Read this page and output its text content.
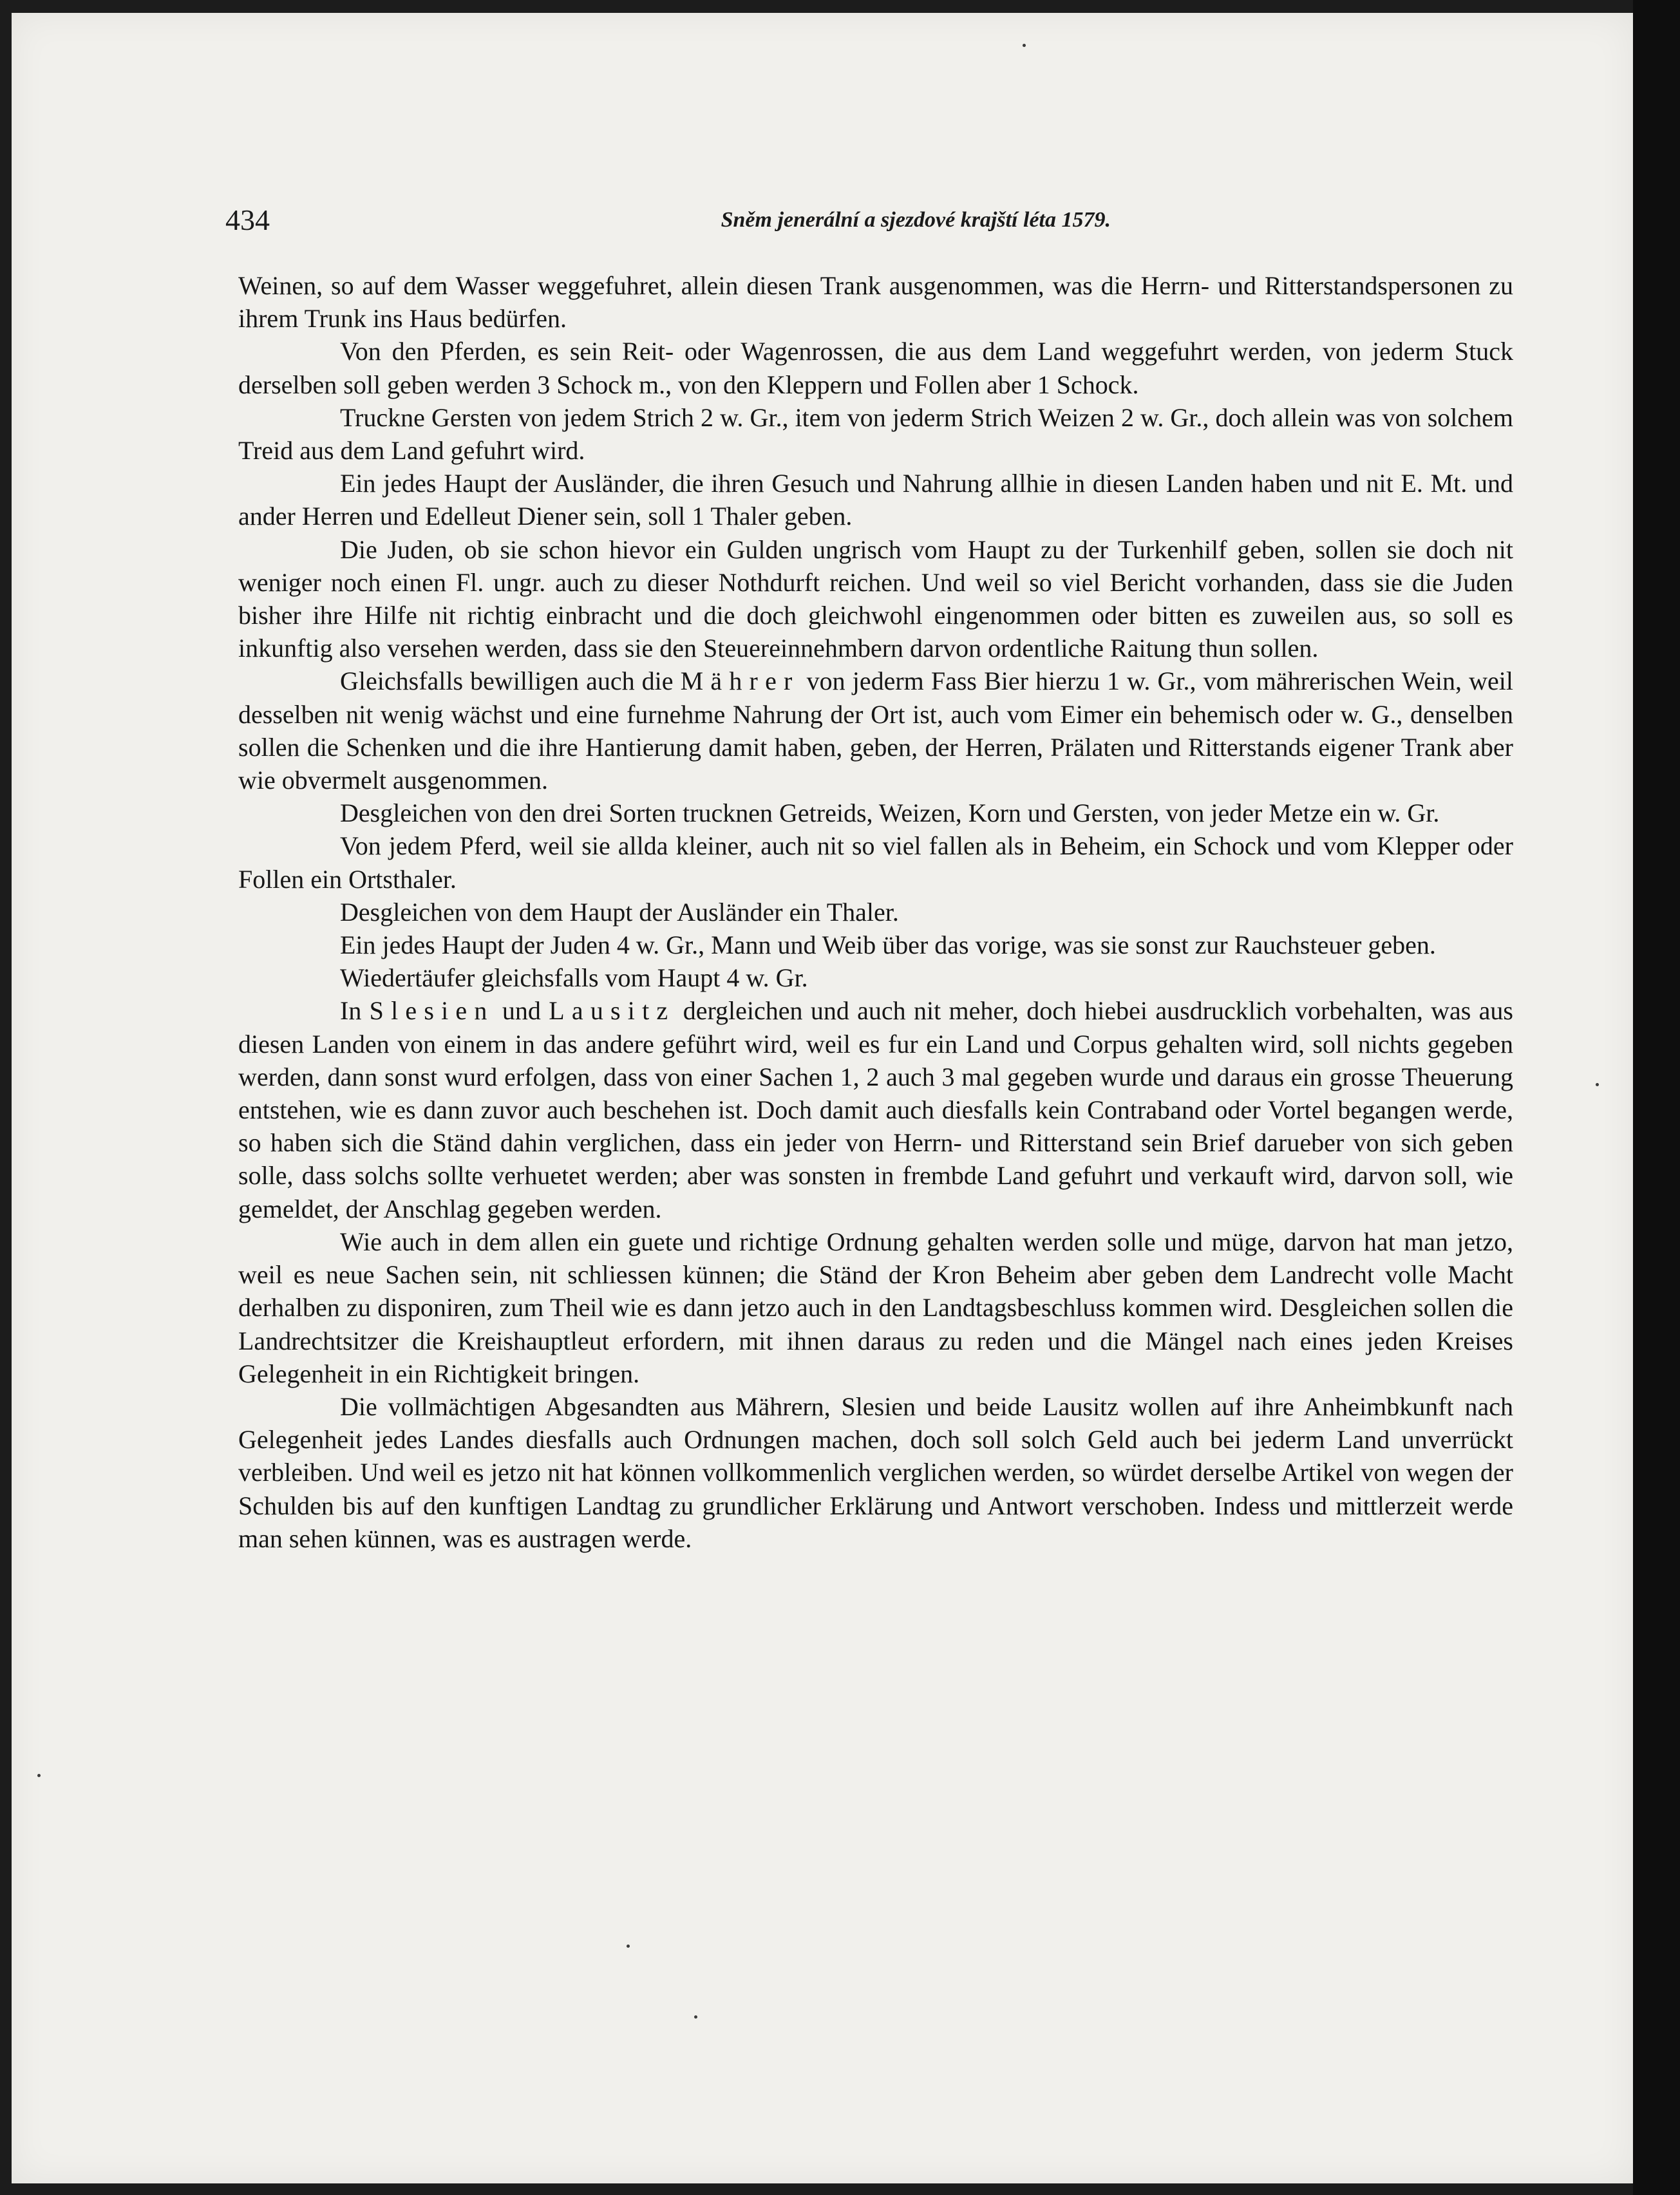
434	Sněm jenerální a sjezdové krajští léta 1579.

Weinen, so auf dem Wasser weggefuhret, allein diesen Trank ausgenommen, was die Herrn- und Ritterstandspersonen zu ihrem Trunk ins Haus bedürfen.

Von den Pferden, es sein Reit- oder Wagenrossen, die aus dem Land weggefuhrt werden, von jederm Stuck derselben soll geben werden 3 Schock m., von den Kleppern und Follen aber 1 Schock.

Truckne Gersten von jedem Strich 2 w. Gr., item von jederm Strich Weizen 2 w. Gr., doch allein was von solchem Treid aus dem Land gefuhrt wird.

Ein jedes Haupt der Ausländer, die ihren Gesuch und Nahrung allhie in diesen Landen haben und nit E. Mt. und ander Herren und Edelleut Diener sein, soll 1 Thaler geben.

Die Juden, ob sie schon hievor ein Gulden ungrisch vom Haupt zu der Turkenhilf geben, sollen sie doch nit weniger noch einen Fl. ungr. auch zu dieser Nothdurft reichen. Und weil so viel Bericht vorhanden, dass sie die Juden bisher ihre Hilfe nit richtig einbracht und die doch gleichwohl eingenommen oder bitten es zuweilen aus, so soll es inkunftig also versehen werden, dass sie den Steuereinnehmbern darvon ordentliche Raitung thun sollen.

Gleichsfalls bewilligen auch die Mährer von jederm Fass Bier hierzu 1 w. Gr., vom mährerischen Wein, weil desselben nit wenig wächst und eine furnehme Nahrung der Ort ist, auch vom Eimer ein behemisch oder w. G., denselben sollen die Schenken und die ihre Hantierung damit haben, geben, der Herren, Prälaten und Ritterstands eigener Trank aber wie obvermelt ausgenommen.

Desgleichen von den drei Sorten trucknen Getreids, Weizen, Korn und Gersten, von jeder Metze ein w. Gr.

Von jedem Pferd, weil sie allda kleiner, auch nit so viel fallen als in Beheim, ein Schock und vom Klepper oder Follen ein Ortsthaler.

Desgleichen von dem Haupt der Ausländer ein Thaler.

Ein jedes Haupt der Juden 4 w. Gr., Mann und Weib über das vorige, was sie sonst zur Rauchsteuer geben.

Wiedertäufer gleichsfalls vom Haupt 4 w. Gr.

In Slesien und Lausitz dergleichen und auch nit meher, doch hiebei ausdrucklich vorbehalten, was aus diesen Landen von einem in das andere geführt wird, weil es fur ein Land und Corpus gehalten wird, soll nichts gegeben werden, dann sonst wurd erfolgen, dass von einer Sachen 1, 2 auch 3 mal gegeben wurde und daraus ein grosse Theuerung entstehen, wie es dann zuvor auch beschehen ist. Doch damit auch diesfalls kein Contraband oder Vortel begangen werde, so haben sich die Ständ dahin verglichen, dass ein jeder von Herrn- und Ritterstand sein Brief darueber von sich geben solle, dass solchs sollte verhuetet werden; aber was sonsten in frembde Land gefuhrt und verkauft wird, darvon soll, wie gemeldet, der Anschlag gegeben werden.

Wie auch in dem allen ein guete und richtige Ordnung gehalten werden solle und müge, darvon hat man jetzo, weil es neue Sachen sein, nit schliessen künnen; die Ständ der Kron Beheim aber geben dem Landrecht volle Macht derhalben zu disponiren, zum Theil wie es dann jetzo auch in den Landtagsbeschluss kommen wird. Desgleichen sollen die Landrechtsitzer die Kreishauptleut erfordern, mit ihnen daraus zu reden und die Mängel nach eines jeden Kreises Gelegenheit in ein Richtigkeit bringen.

Die vollmächtigen Abgesandten aus Mährern, Slesien und beide Lausitz wollen auf ihre Anheimbkunft nach Gelegenheit jedes Landes diesfalls auch Ordnungen machen, doch soll solch Geld auch bei jederm Land unverrückt verbleiben. Und weil es jetzo nit hat können vollkommenlich verglichen werden, so würdet derselbe Artikel von wegen der Schulden bis auf den kunftigen Landtag zu grundlicher Erklärung und Antwort verschoben. Indess und mittlerzeit werde man sehen künnen, was es austragen werde.
